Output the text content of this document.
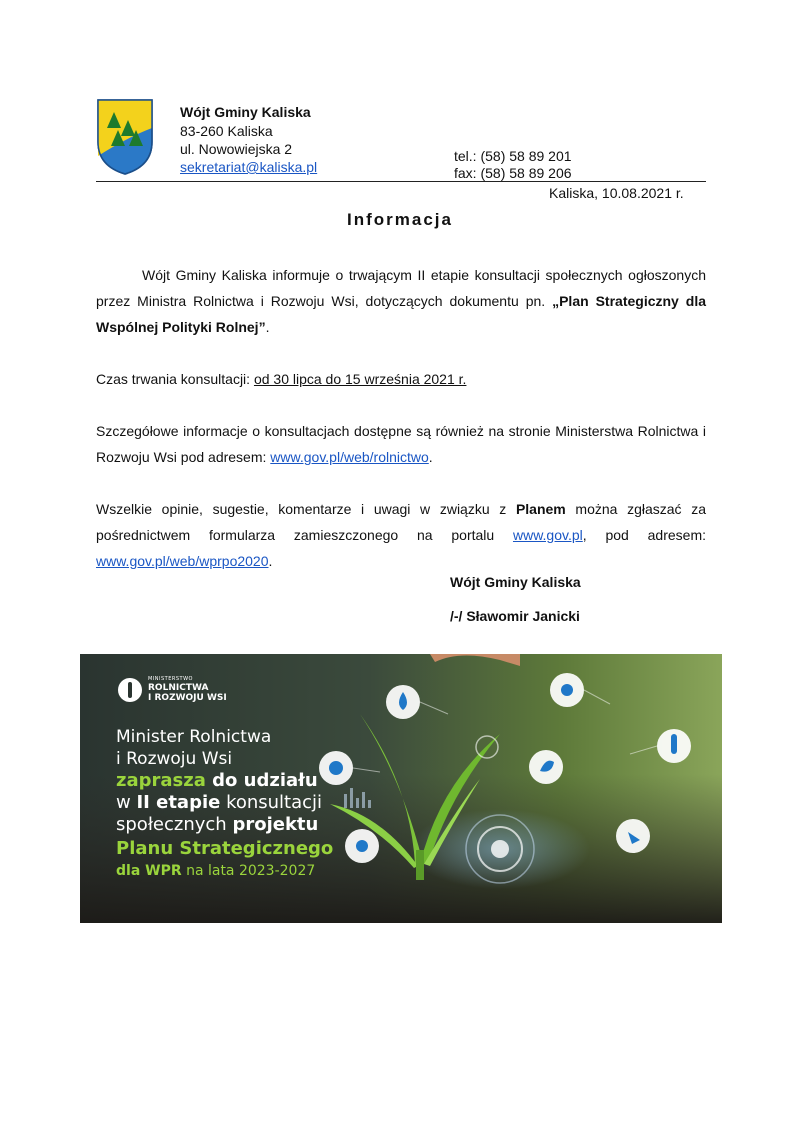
Wójt Gminy Kaliska
83-260 Kaliska
ul. Nowowiejska 2
sekretariat@kaliska.pl
tel.: (58) 58 89 201
fax: (58) 58 89 206
Kaliska, 10.08.2021 r.
Informacja
Wójt Gminy Kaliska informuje o trwającym II etapie konsultacji społecznych ogłoszonych przez Ministra Rolnictwa i Rozwoju Wsi, dotyczących dokumentu pn. „Plan Strategiczny dla Wspólnej Polityki Rolnej”.
Czas trwania konsultacji: od 30 lipca do 15 września 2021 r.
Szczegółowe informacje o konsultacjach dostępne są również na stronie Ministerstwa Rolnictwa i Rozwoju Wsi pod adresem: www.gov.pl/web/rolnictwo.
Wszelkie opinie, sugestie, komentarze i uwagi w związku z Planem można zgłaszać za pośrednictwem formularza zamieszczonego na portalu www.gov.pl, pod adresem: www.gov.pl/web/wprpo2020.
Wójt Gminy Kaliska
/-/ Sławomir Janicki
MINISTERSTWO
ROLNICTWA
I ROZWOJU WSI
Minister Rolnictwa
i Rozwoju Wsi
zaprasza do udziału
w II etapie konsultacji
społecznych projektu
Planu Strategicznego
dla WPR na lata 2023-2027
